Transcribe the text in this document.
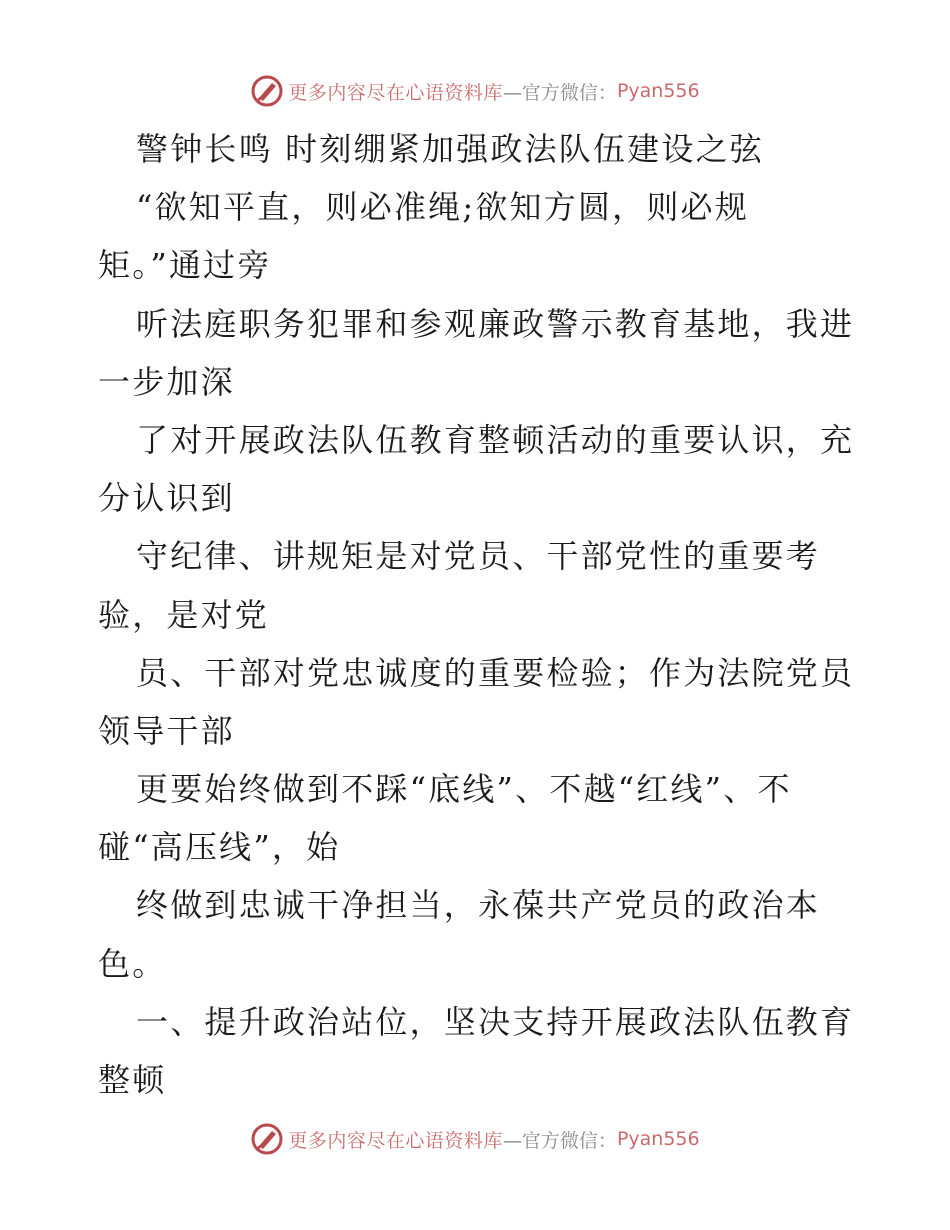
更多内容尽在心语资料库 —官方微信： Pyan556
警钟长鸣 时刻绷紧加强政法队伍建设之弦
“欲知平直，则必准绳;欲知方圆，则必规
矩。”通过旁
听法庭职务犯罪和参观廉政警示教育基地，我进
一步加深
了对开展政法队伍教育整顿活动的重要认识，充
分认识到
守纪律、讲规矩是对党员、干部党性的重要考
验，是对党
员、干部对党忠诚度的重要检验；作为法院党员
领导干部
更要始终做到不踩“底线”、不越“红线”、不
碰“高压线”，始
终做到忠诚干净担当，永葆共产党员的政治本
色。
一、提升政治站位，坚决支持开展政法队伍教育
整顿
更多内容尽在心语资料库 —官方微信： Pyan556
